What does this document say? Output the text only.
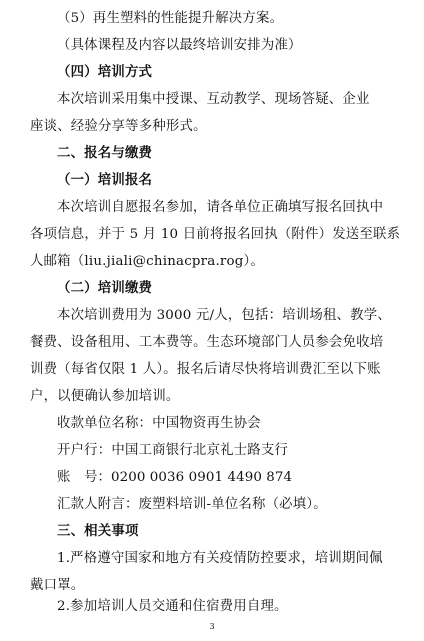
（5）再生塑料的性能提升解决方案。
（具体课程及内容以最终培训安排为准）
（四）培训方式
本次培训采用集中授课、互动教学、现场答疑、企业
座谈、经验分享等多种形式。
二、报名与缴费
（一）培训报名
本次培训自愿报名参加，请各单位正确填写报名回执中
各项信息，并于 5 月 10 日前将报名回执（附件）发送至联系
人邮箱（liu.jiali@chinacpra.rog）。
（二）培训缴费
本次培训费用为 3000 元/人，包括：培训场租、教学、
餐费、设备租用、工本费等。生态环境部门人员参会免收培
训费（每省仅限 1 人）。报名后请尽快将培训费汇至以下账
户，以便确认参加培训。
收款单位名称：中国物资再生协会
开户行：中国工商银行北京礼士路支行
账　号：0200 0036 0901 4490 874
汇款人附言：废塑料培训-单位名称（必填）。
三、相关事项
1.严格遵守国家和地方有关疫情防控要求，培训期间佩
戴口罩。
2.参加培训人员交通和住宿费用自理。
3
